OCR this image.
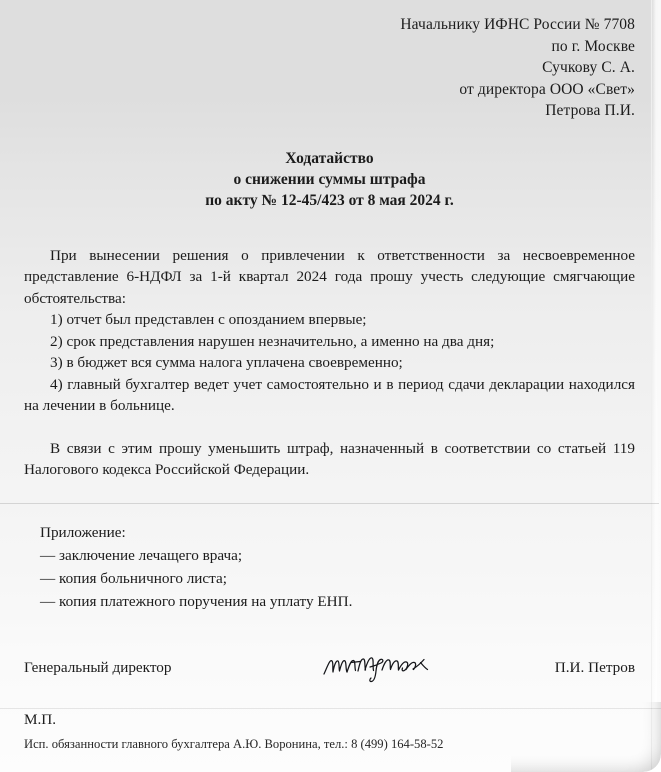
Начальнику ИФНС России № 7708
по г. Москве
Сучкову С. А.
от директора ООО «Свет»
Петрова П.И.
Ходатайство
о снижении суммы штрафа
по акту № 12-45/423 от 8 мая 2024 г.

При вынесении решения о привлечении к ответственности за несвоевременное представление 6-НДФЛ за 1-й квартал 2024 года прошу учесть следующие смягчающие обстоятельства:

1) отчет был представлен с опозданием впервые;

2) срок представления нарушен незначительно, а именно на два дня;

3) в бюджет вся сумма налога уплачена своевременно;

4) главный бухгалтер ведет учет самостоятельно и в период сдачи декларации находился на лечении в больнице.

В связи с этим прошу уменьшить штраф, назначенный в соответствии со статьей 119 Налогового кодекса Российской Федерации.

Приложение:

— заключение лечащего врача;

— копия больничного листа;

— копия платежного поручения на уплату ЕНП.

Генеральный директор	П.И. Петров
М.П.
Исп. обязанности главного бухгалтера А.Ю. Воронина, тел.: 8 (499) 164-58-52
